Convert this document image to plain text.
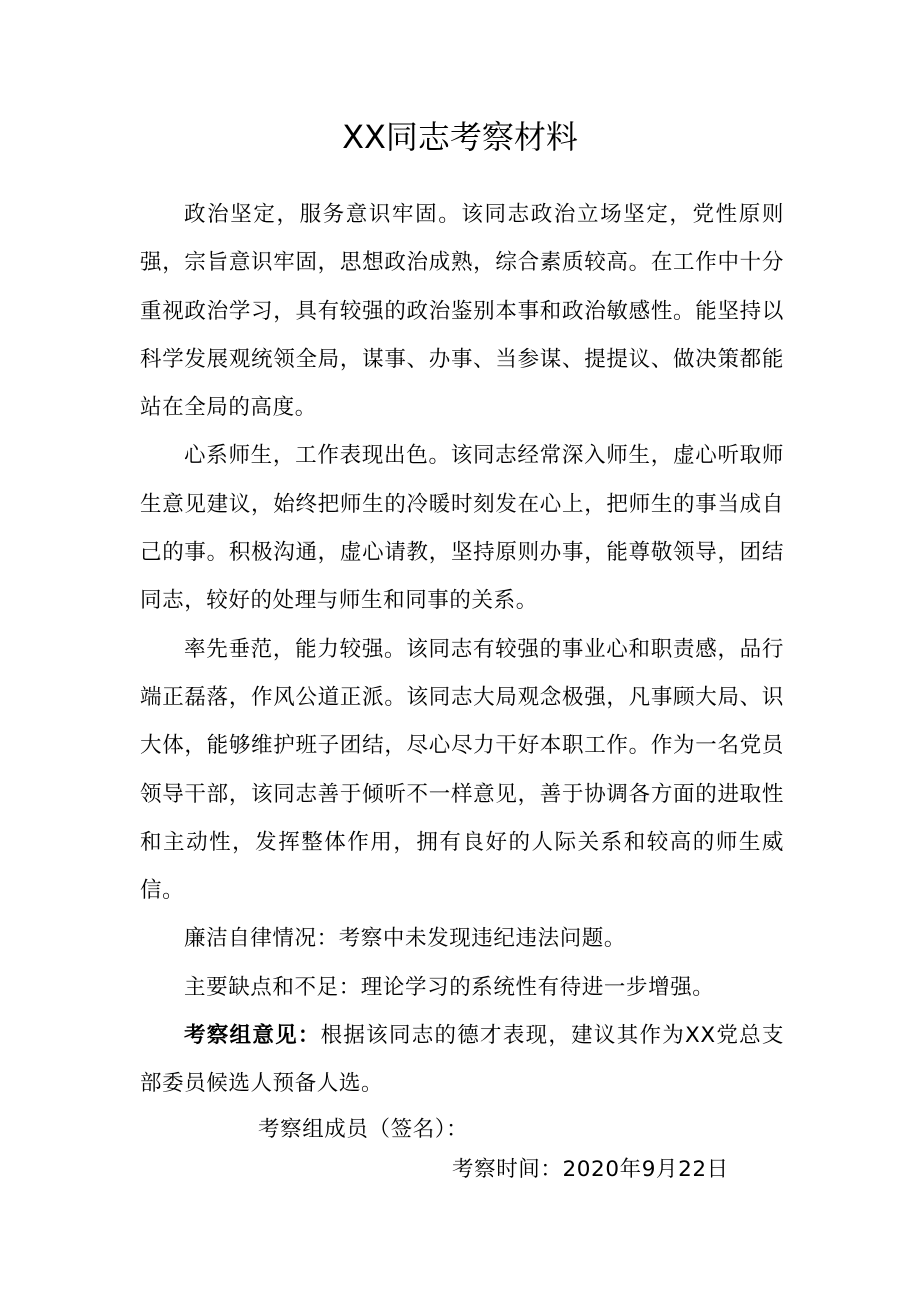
XX同志考察材料

政治坚定，服务意识牢固。该同志政治立场坚定，党性原则强，宗旨意识牢固，思想政治成熟，综合素质较高。在工作中十分重视政治学习，具有较强的政治鉴别本事和政治敏感性。能坚持以科学发展观统领全局，谋事、办事、当参谋、提提议、做决策都能站在全局的高度。

心系师生，工作表现出色。该同志经常深入师生，虚心听取师生意见建议，始终把师生的冷暖时刻发在心上，把师生的事当成自己的事。积极沟通，虚心请教，坚持原则办事，能尊敬领导，团结同志，较好的处理与师生和同事的关系。

率先垂范，能力较强。该同志有较强的事业心和职责感，品行端正磊落，作风公道正派。该同志大局观念极强，凡事顾大局、识大体，能够维护班子团结，尽心尽力干好本职工作。作为一名党员领导干部，该同志善于倾听不一样意见，善于协调各方面的进取性和主动性，发挥整体作用，拥有良好的人际关系和较高的师生威信。

廉洁自律情况：考察中未发现违纪违法问题。

主要缺点和不足：理论学习的系统性有待进一步增强。

考察组意见：根据该同志的德才表现，建议其作为XX党总支部委员候选人预备人选。

考察组成员（签名）：

考察时间：2020年9月22日
